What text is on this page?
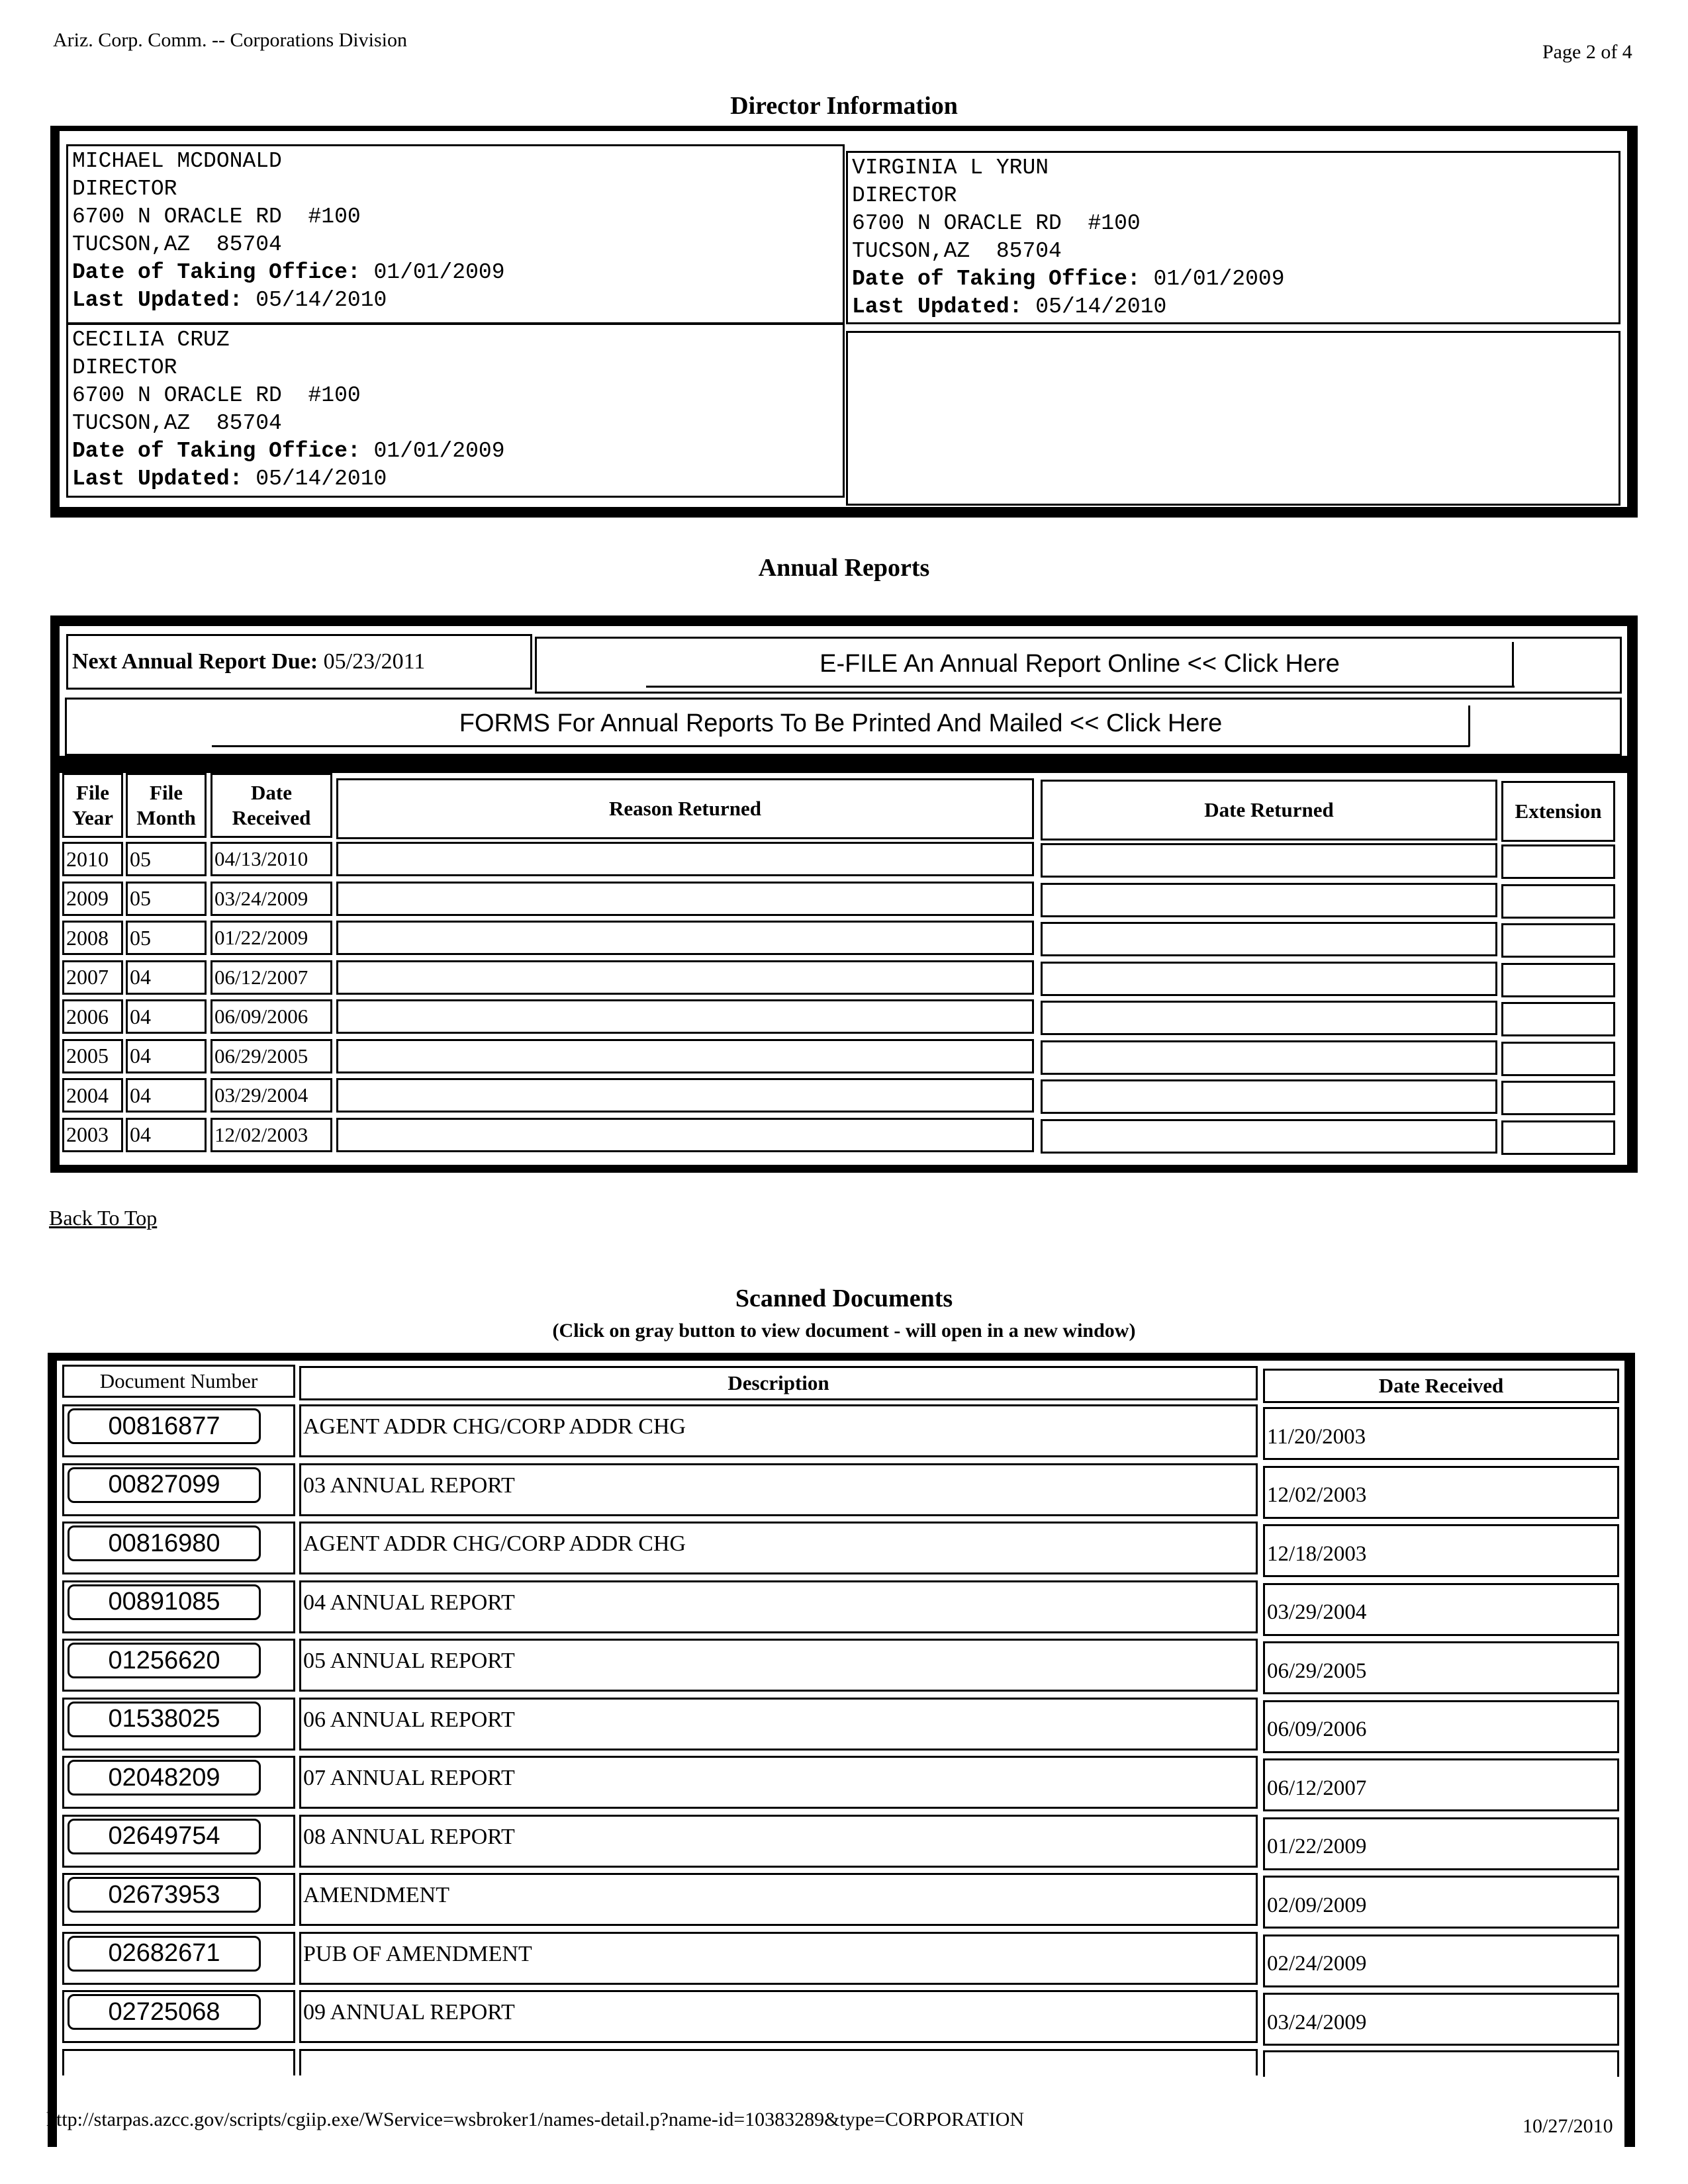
Ariz. Corp. Comm. -- Corporations Division
Page 2 of 4
Director Information
MICHAEL MCDONALD
DIRECTOR
6700 N ORACLE RD  #100
TUCSON,AZ  85704
Date of Taking Office: 01/01/2009
Last Updated: 05/14/2010
VIRGINIA L YRUN
DIRECTOR
6700 N ORACLE RD  #100
TUCSON,AZ  85704
Date of Taking Office: 01/01/2009
Last Updated: 05/14/2010
CECILIA CRUZ
DIRECTOR
6700 N ORACLE RD  #100
TUCSON,AZ  85704
Date of Taking Office: 01/01/2009
Last Updated: 05/14/2010
Annual Reports
Next Annual Report Due:
05/23/2011	E-FILE An Annual Report Online << Click Here
FORMS For Annual Reports To Be Printed And Mailed << Click Here
File
Year
File
Month
Date
Received	Reason Returned	Date Returned	Extension
2010	05	04/13/2010
2009	05	03/24/2009
2008	05	01/22/2009
2007	04	06/12/2007
2006	04	06/09/2006
2005	04	06/29/2005
2004	04	03/29/2004
2003	04	12/02/2003
Back To Top
Scanned Documents
(Click on gray button to view document - will open in a new window)
Document Number	Description	Date Received
00816877	AGENT ADDR CHG/CORP ADDR CHG	11/20/2003
00827099	03 ANNUAL REPORT	12/02/2003
00816980	AGENT ADDR CHG/CORP ADDR CHG	12/18/2003
00891085	04 ANNUAL REPORT	03/29/2004
01256620	05 ANNUAL REPORT	06/29/2005
01538025	06 ANNUAL REPORT	06/09/2006
02048209	07 ANNUAL REPORT	06/12/2007
02649754	08 ANNUAL REPORT	01/22/2009
02673953	AMENDMENT	02/09/2009
02682671	PUB OF AMENDMENT	02/24/2009
02725068	09 ANNUAL REPORT	03/24/2009
http://starpas.azcc.gov/scripts/cgiip.exe/WService=wsbroker1/names-detail.p?name-id=10383289&type=CORPORATION	10/27/2010
